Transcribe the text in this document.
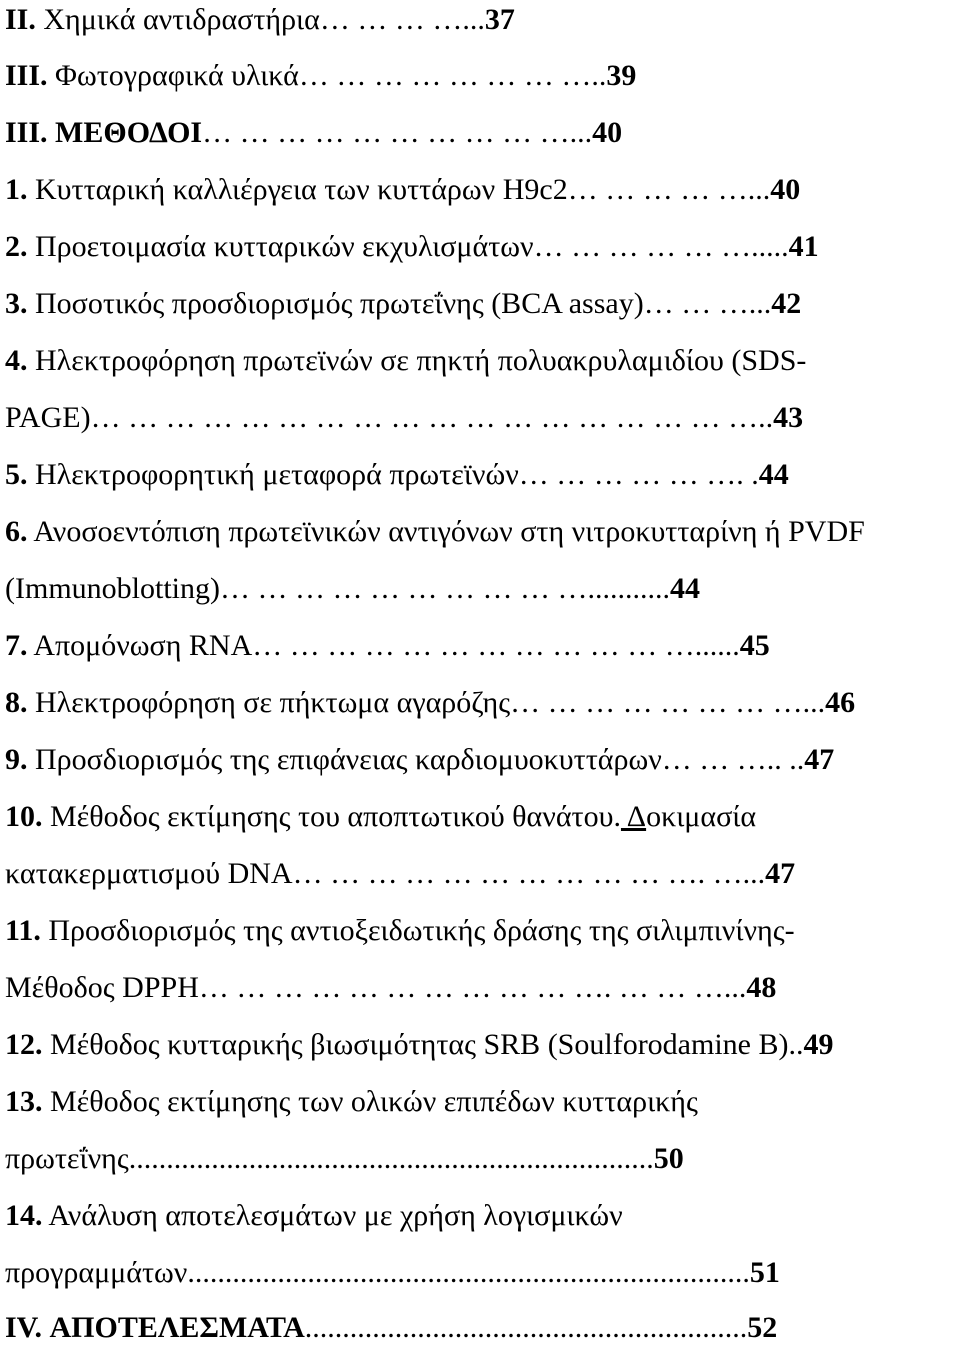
II. Χημικά αντιδραστήρια… … … …...37
III. Φωτογραφικά υλικά… … … … … … … …..39
III. ΜΕΘΟΔΟΙ… … … … … … … … … …...40
1. Κυτταρική καλλιέργεια των κυττάρων H9c2… … … … …...40
2. Προετοιμασία κυτταρικών εκχυλισμάτων… … … … … ….....41
3. Ποσοτικός προσδιορισμός πρωτεΐνης (BCA assay)… … …...42
4. Ηλεκτροφόρηση πρωτεϊνών σε πηκτή πολυακρυλαμιδίου (SDS-
PAGE)… … … … … … … … … … … … … … … … … …..43
5. Ηλεκτροφορητική μεταφορά πρωτεϊνών… … … … … …. .44
6. Ανοσοεντόπιση πρωτεϊνικών αντιγόνων στη νιτροκυτταρίνη ή PVDF
(Immunoblotting)… … … … … … … … … …...........44
7. Απομόνωση RNA… … … … … … … … … … … …......45
8. Ηλεκτροφόρηση σε πήκτωμα αγαρόζης… … … … … … … …...46
9. Προσδιορισμός της επιφάνειας καρδιομυοκυττάρων… … ….. ..47
10. Μέθοδος εκτίμησης του αποπτωτικού θανάτου. Δοκιμασία
κατακερματισμού DNA… … … … … … … … … … …. …...47
11. Προσδιορισμός της αντιοξειδωτικής δράσης της σιλιμπινίνης-
Μέθοδος DPPH… … … … … … … … … … …. … … …...48
12. Μέθοδος κυτταρικής βιωσιμότητας SRB (Soulforodamine B)..49
13. Μέθοδος εκτίμησης των ολικών επιπέδων κυτταρικής
πρωτεΐνης......................................................................50
14. Ανάλυση αποτελεσμάτων με χρήση λογισμικών
προγραμμάτων...........................................................................51
IV. ΑΠΟΤΕΛΕΣΜΑΤΑ...........................................................52
